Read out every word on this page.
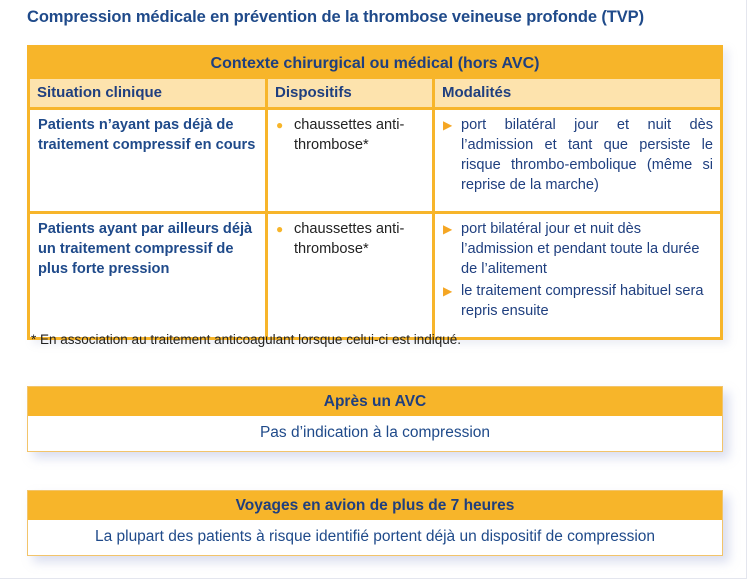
Compression médicale en prévention de la thrombose veineuse profonde (TVP)
Contexte chirurgical ou médical (hors AVC)
Situation clinique	Dispositifs	Modalités
Patients n’ayant pas déjà de traitement compressif en cours
● chaussettes anti-thrombose*
▶ port bilatéral jour et nuit dès l’admission et tant que persiste le risque thrombo-embolique (même si reprise de la marche)
Patients ayant par ailleurs déjà un traitement compressif de plus forte pression
● chaussettes anti-thrombose*
▶ port bilatéral jour et nuit dès l’admission et pendant toute la durée de l’alitement
▶ le traitement compressif habituel sera repris ensuite
* En association au traitement anticoagulant lorsque celui-ci est indiqué.
Après un AVC
Pas d’indication à la compression
Voyages en avion de plus de 7 heures
La plupart des patients à risque identifié portent déjà un dispositif de compression
